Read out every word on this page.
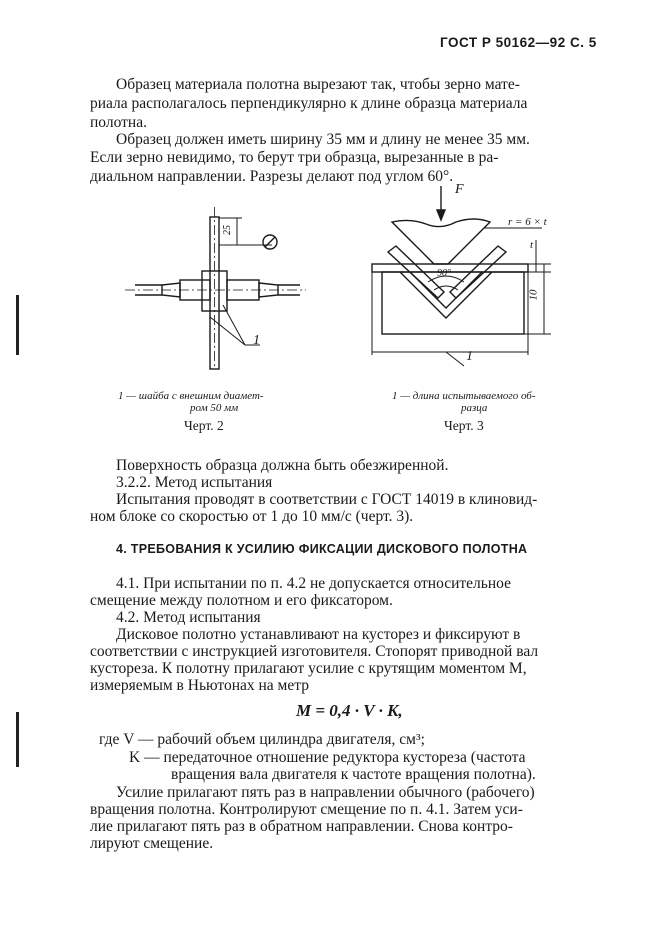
ГОСТ Р 50162—92 С. 5
Образец материала полотна вырезают так, чтобы зерно мате-
риала располагалось перпендикулярно к длине образца материала
полотна.
Образец должен иметь ширину 35 мм и длину не менее 35 мм.
Если зерно невидимо, то берут три образца, вырезанные в ра-
диальном направлении. Разрезы делают под углом 60°.
25
1
1 — шайба с внешним диамет-
ром 50 мм
Черт. 2
F
r = 6 × t
t
90°
10
1
1 — длина испытываемого об-
разца
Черт. 3
Поверхность образца должна быть обезжиренной.
3.2.2. Метод испытания
Испытания проводят в соответствии с ГОСТ 14019 в клиновид-
ном блоке со скоростью от 1 до 10 мм/с (черт. 3).
4. ТРЕБОВАНИЯ К УСИЛИЮ ФИКСАЦИИ ДИСКОВОГО ПОЛОТНА
4.1. При испытании по п. 4.2 не допускается относительное
смещение между полотном и его фиксатором.
4.2. Метод испытания
Дисковое полотно устанавливают на кусторез и фиксируют в
соответствии с инструкцией изготовителя. Стопорят приводной вал
кустореза. К полотну прилагают усилие с крутящим моментом M,
измеряемым в Ньютонах на метр
M = 0,4 · V · K,
где V — рабочий объем цилиндра двигателя, см³;
K — передаточное отношение редуктора кустореза (частота
вращения вала двигателя к частоте вращения полотна).
Усилие прилагают пять раз в направлении обычного (рабочего)
вращения полотна. Контролируют смещение по п. 4.1. Затем уси-
лие прилагают пять раз в обратном направлении. Снова контро-
лируют смещение.
